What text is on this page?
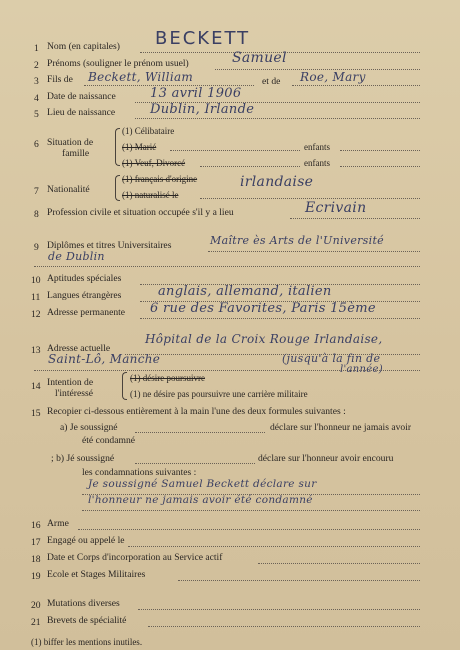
1 Nom (en capitales) BECKETT
2 Prénoms (souligner le prénom usuel)	Samuel
3 Fils de Beckett, William	et de Roe, Mary
4 Date de naissance	13 avril 1906
5 Lieu de naissance	Dublin, Irlande
6 Situation de
famille
(1) Célibataire
(1) Marié	enfants
(1) Veuf, Divorcé	enfants
7 Nationalité
(1) français d'origine
(1) naturalisé le
irlandaise
8 Profession civile et situation occupée s'il y a lieu	Ecrivain
9 Diplômes et titres Universitaires	Maître ès Arts de l'Université
de Dublin
10 Aptitudes spéciales
11 Langues étrangères	anglais, allemand, italien
12 Adresse permanente 6 rue des Favorites, Paris 15ème
13 Adresse actuelle
Hôpital de la Croix Rouge Irlandaise,
Saint-Lô, Manche	(jusqu'à la fin de
l'année)
14 Intention de
l'intéressé
(1) désire poursuivre
(1) ne désire pas poursuivre une carrière militaire
15 Recopier ci-dessous entièrement à la main l'une des deux formules suivantes :
a) Je soussigné	déclare sur l'honneur ne jamais avoir
été condamné
; b) Jé soussigné	déclare sur l'honneur avoir encouru
les condamnations suivantes :
Je soussigné Samuel Beckett déclare sur
l'honneur ne jamais avoir été condamné
16 Arme
17 Engagé ou appelé le
18 Date et Corps d'incorporation au Service actif
19 Ecole et Stages Militaires
20 Mutations diverses
21 Brevets de spécialité
(1) biffer les mentions inutiles.
